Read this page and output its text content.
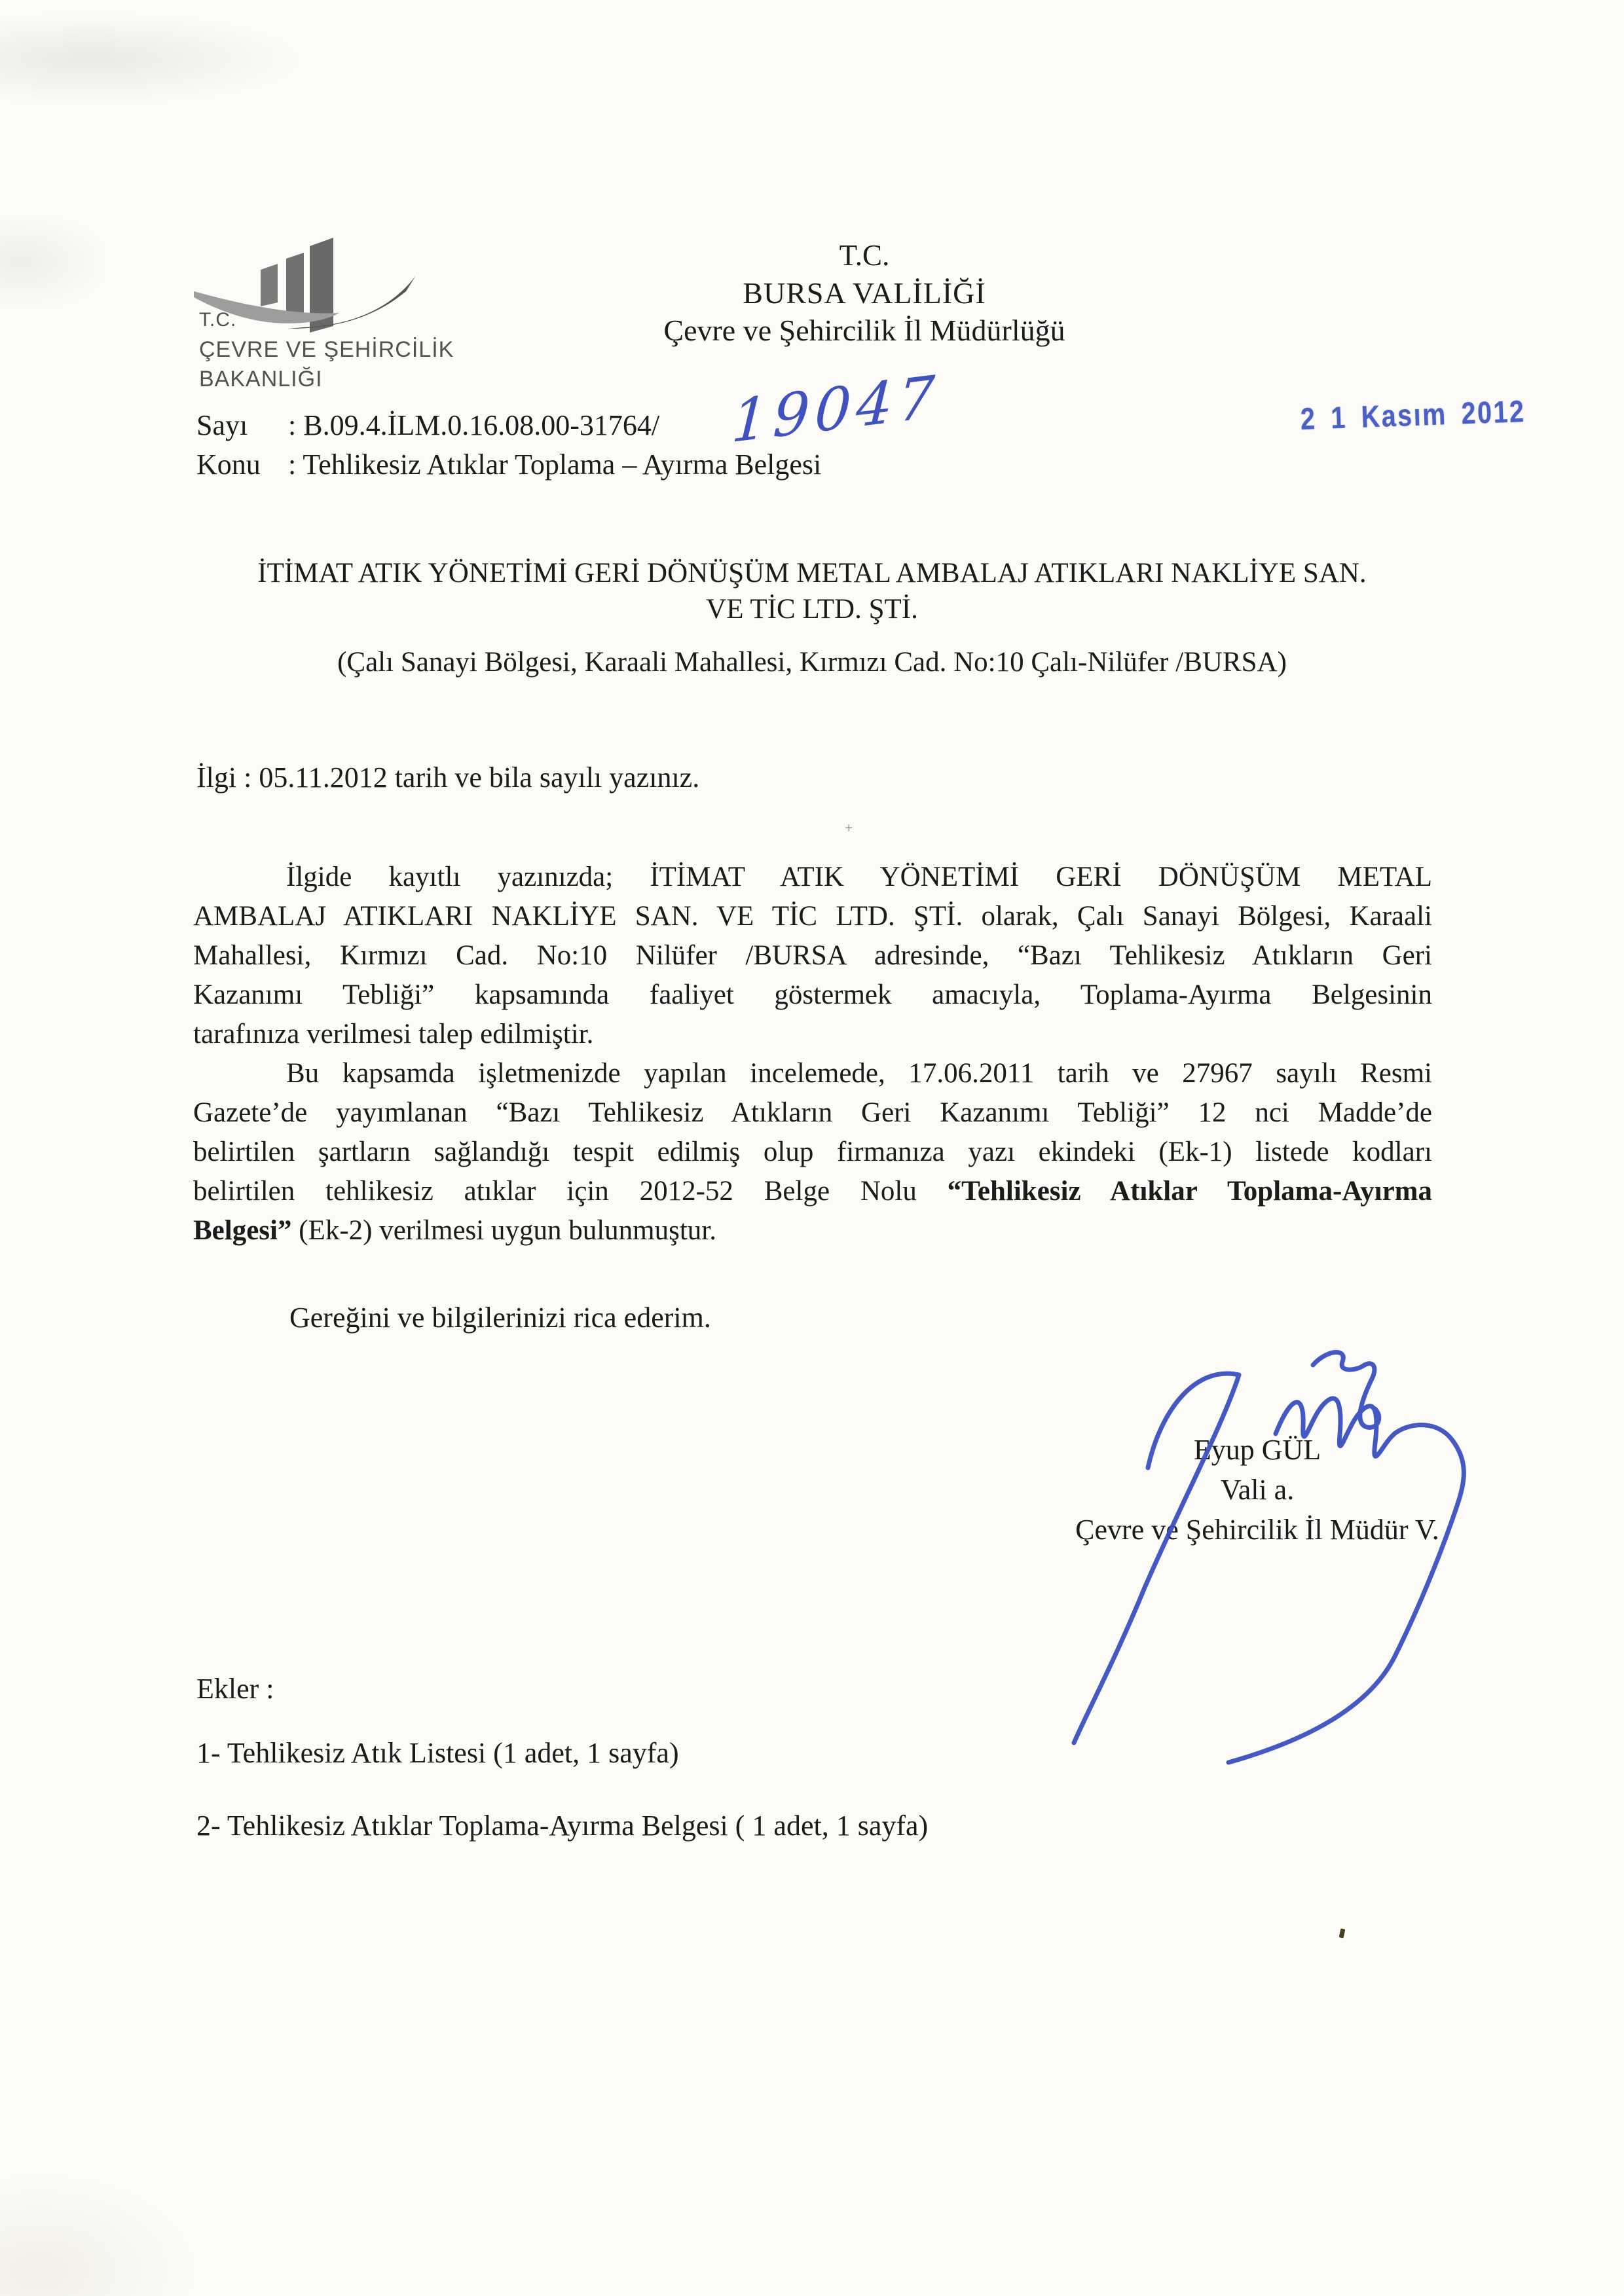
+
T.C.
ÇEVRE VE ŞEHİRCİLİK
BAKANLIĞI
T.C.
BURSA VALİLİĞİ
Çevre ve Şehircilik İl Müdürlüğü
2 1 Kasım 2012
19047
Sayı	: B.09.4.İLM.0.16.08.00-31764/
Konu : Tehlikesiz Atıklar Toplama – Ayırma Belgesi
İTİMAT ATIK YÖNETİMİ GERİ DÖNÜŞÜM METAL AMBALAJ ATIKLARI NAKLİYE SAN.
VE TİC LTD. ŞTİ.
(Çalı Sanayi Bölgesi, Karaali Mahallesi, Kırmızı Cad. No:10 Çalı-Nilüfer /BURSA)
İlgi : 05.11.2012 tarih ve bila sayılı yazınız.
İlgide kayıtlı yazınızda; İTİMAT ATIK YÖNETİMİ GERİ DÖNÜŞÜM METAL
AMBALAJ ATIKLARI NAKLİYE SAN. VE TİC LTD. ŞTİ. olarak, Çalı Sanayi Bölgesi, Karaali
Mahallesi, Kırmızı Cad. No:10 Nilüfer /BURSA adresinde, “Bazı Tehlikesiz Atıkların Geri
Kazanımı Tebliği” kapsamında faaliyet göstermek amacıyla, Toplama-Ayırma Belgesinin
tarafınıza verilmesi talep edilmiştir.
Bu kapsamda işletmenizde yapılan incelemede, 17.06.2011 tarih ve 27967 sayılı Resmi
Gazete’de yayımlanan “Bazı Tehlikesiz Atıkların Geri Kazanımı Tebliği” 12 nci Madde’de
belirtilen şartların sağlandığı tespit edilmiş olup firmanıza yazı ekindeki (Ek-1) listede kodları
belirtilen tehlikesiz atıklar için 2012-52 Belge Nolu “Tehlikesiz Atıklar Toplama-Ayırma
Belgesi” (Ek-2) verilmesi uygun bulunmuştur.
Gereğini ve bilgilerinizi rica ederim.
Eyup GÜL
Vali a.
Çevre ve Şehircilik İl Müdür V.
Ekler :
1- Tehlikesiz Atık Listesi (1 adet, 1 sayfa)
2- Tehlikesiz Atıklar Toplama-Ayırma Belgesi ( 1 adet, 1 sayfa)
